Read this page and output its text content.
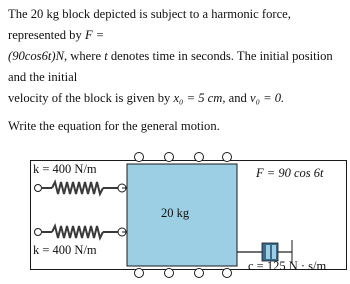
The 20 kg block depicted is subject to a harmonic force, represented by F =

(90cos6t)N, where t denotes time in seconds. The initial position and the initial

velocity of the block is given by x₀ = 5 cm, and v₀ = 0.

Write the equation for the general motion.

k = 400 N/m
k = 400 N/m
20 kg
F = 90 cos 6t
c = 125 N · s/m
